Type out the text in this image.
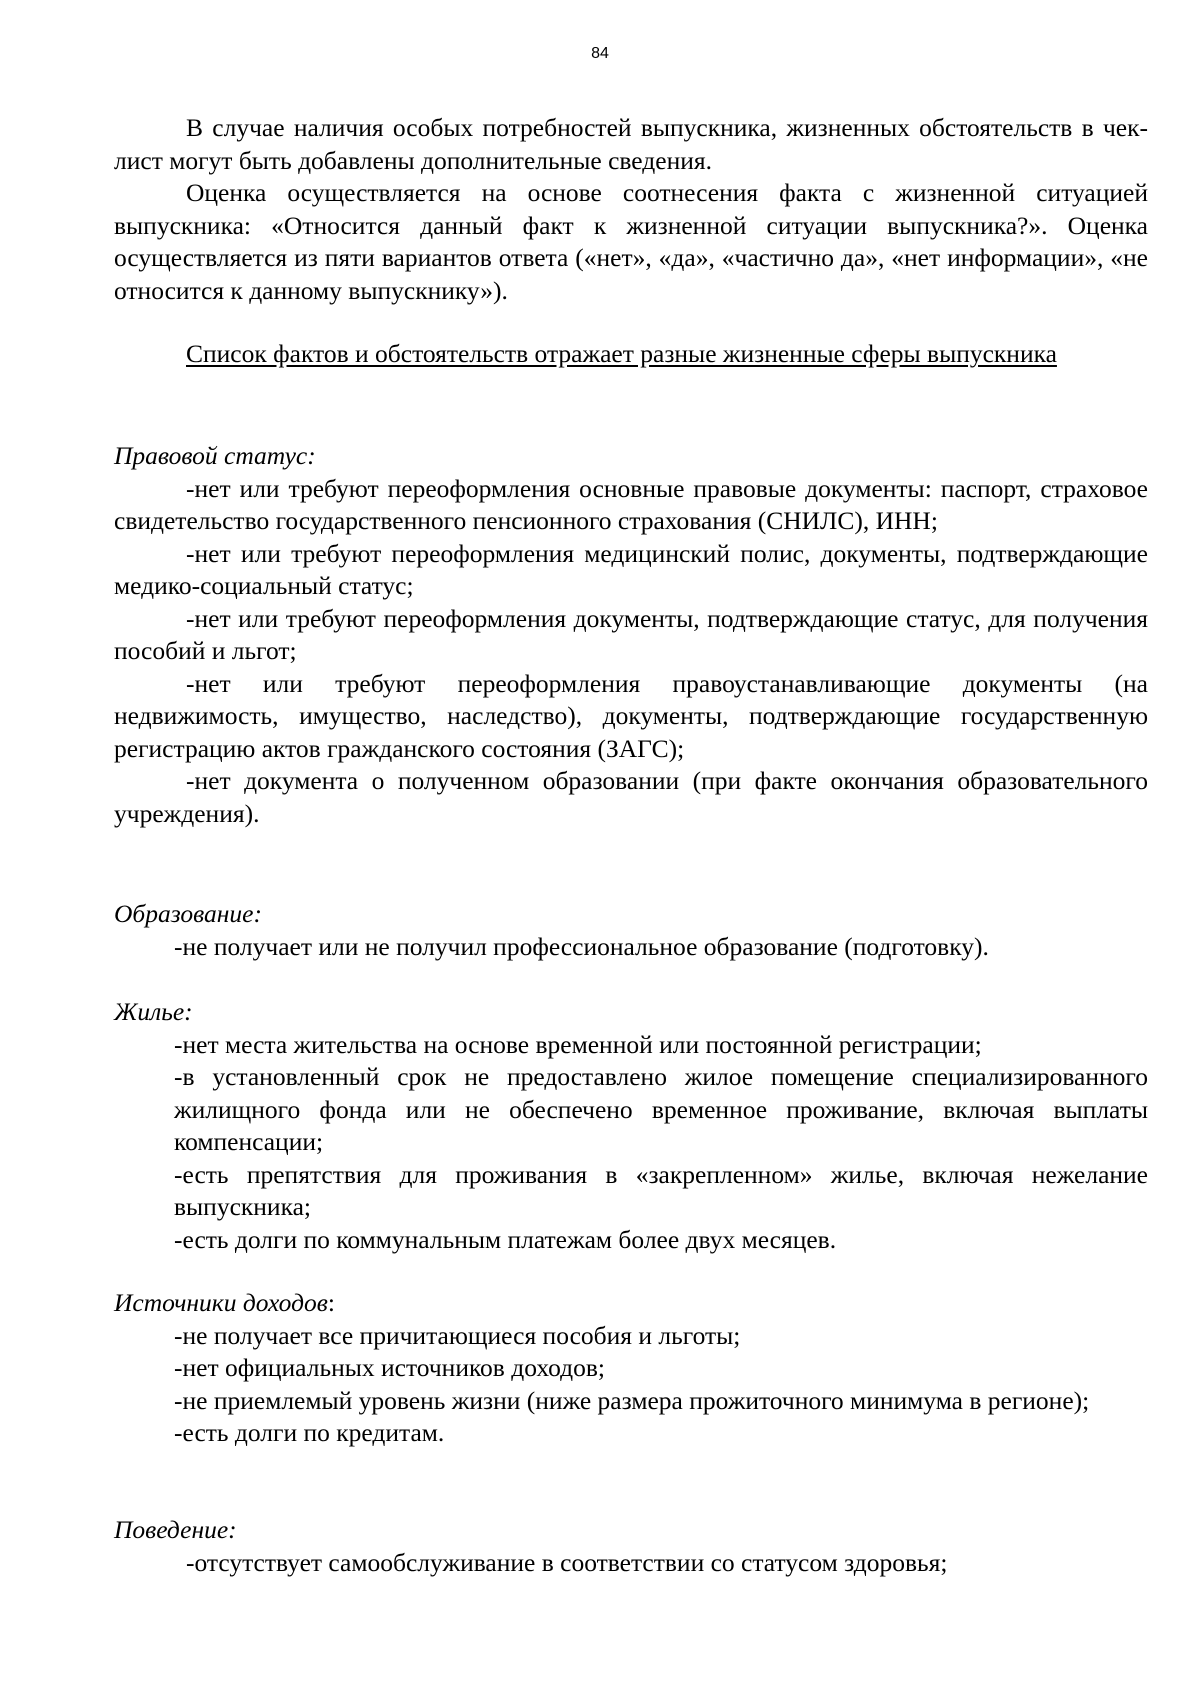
84

В случае наличия особых потребностей выпускника, жизненных обстоятельств в чек-лист могут быть добавлены дополнительные сведения.

Оценка осуществляется на основе соотнесения факта с жизненной ситуацией выпускника: «Относится данный факт к жизненной ситуации выпускника?». Оценка осуществляется из пяти вариантов ответа («нет», «да», «частично да», «нет информации», «не относится к данному выпускнику»).

Список фактов и обстоятельств отражает разные жизненные сферы выпускника

Правовой статус:

-нет или требуют переоформления основные правовые документы: паспорт, страховое свидетельство государственного пенсионного страхования (СНИЛС), ИНН;

-нет или требуют переоформления медицинский полис, документы, подтверждающие медико-социальный статус;

-нет или требуют переоформления документы, подтверждающие статус, для получения пособий и льгот;

-нет или требуют переоформления правоустанавливающие документы (на недвижимость, имущество, наследство), документы, подтверждающие государственную регистрацию актов гражданского состояния (ЗАГС);

-нет документа о полученном образовании (при факте окончания образовательного учреждения).

Образование:

-не получает или не получил профессиональное образование (подготовку).

Жилье:

-нет места жительства на основе временной или постоянной регистрации;

-в установленный срок не предоставлено жилое помещение специализированного жилищного фонда или не обеспечено временное проживание, включая выплаты компенсации;

-есть препятствия для проживания в «закрепленном» жилье, включая нежелание выпускника;

-есть долги по коммунальным платежам более двух месяцев.

Источники доходов:

-не получает все причитающиеся пособия и льготы;

-нет официальных источников доходов;

-не приемлемый уровень жизни (ниже размера прожиточного минимума в регионе);

-есть долги по кредитам.

Поведение:

-отсутствует самообслуживание в соответствии со статусом здоровья;
